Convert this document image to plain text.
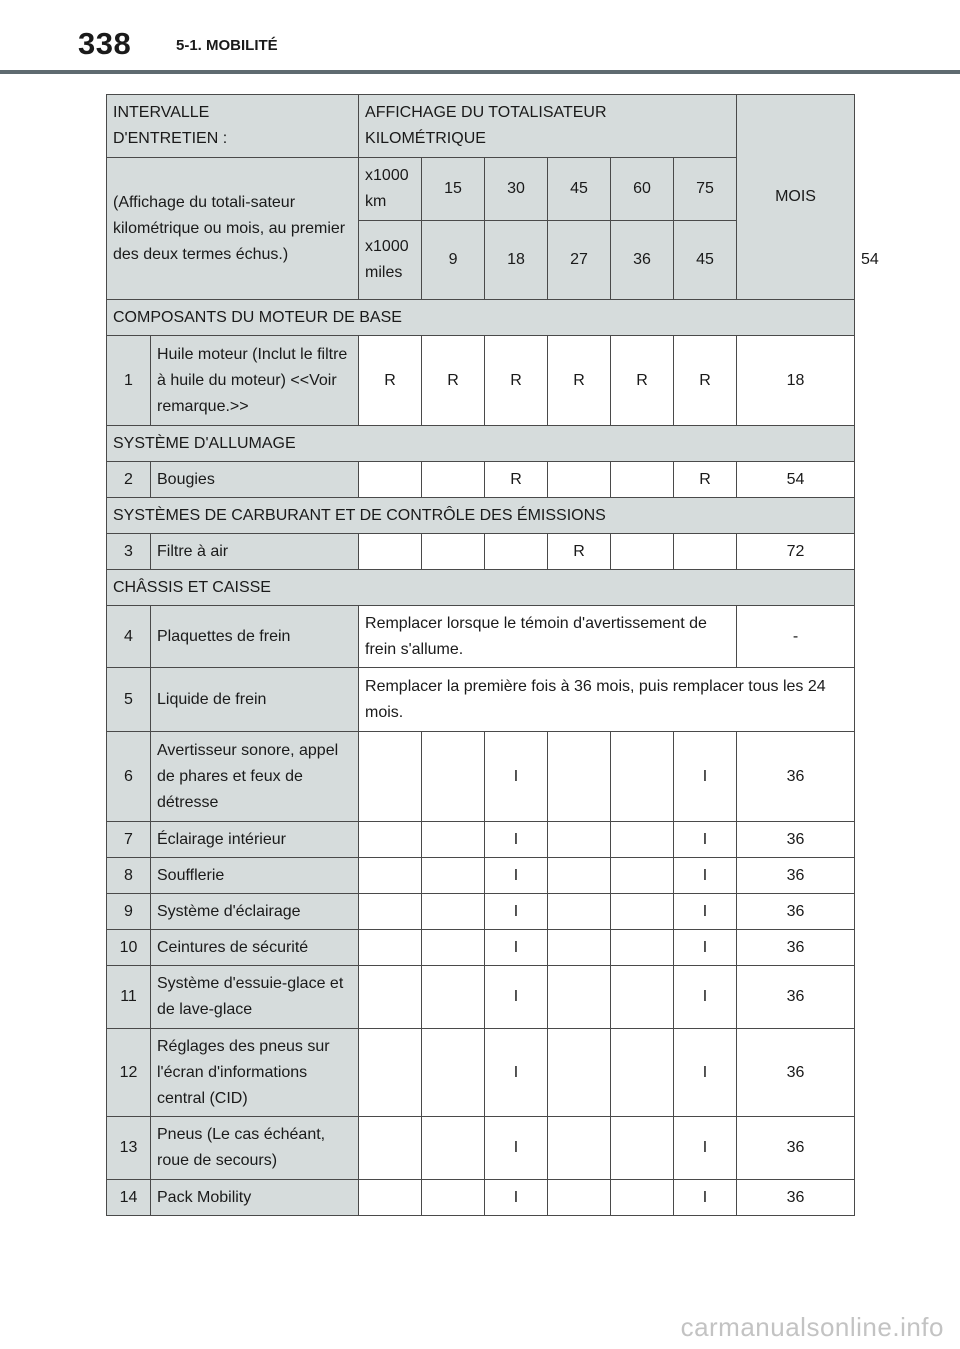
338	5-1. MOBILITÉ
INTERVALLE D'ENTRETIEN :		AFFICHAGE DU TOTALISATEUR KILOMÉTRIQUE						MOIS	
(Affichage du totali-sateur kilométrique ou mois, au premier des deux termes échus.)		x1000 km	15	30	45	60	75		
		x1000 miles	9	18	27	36	45		54
COMPOSANTS DU MOTEUR DE BASE									
1	Huile moteur (Inclut le filtre à huile du moteur) <<Voir remarque.>>	R	R	R	R	R	R	18	
SYSTÈME D'ALLUMAGE									
2	Bougies			R			R	54	
SYSTÈMES DE CARBURANT ET DE CONTRÔLE DES ÉMISSIONS									
3	Filtre à air				R			72	
CHÂSSIS ET CAISSE									
4	Plaquettes de frein	Remplacer lorsque le témoin d'avertissement de frein s'allume.						-	
5	Liquide de frein	Remplacer la première fois à 36 mois, puis remplacer tous les 24 mois.							
6	Avertisseur sonore, appel de phares et feux de détresse			I			I	36	
7	Éclairage intérieur			I			I	36	
8	Soufflerie			I			I	36	
9	Système d'éclairage			I			I	36	
10	Ceintures de sécurité			I			I	36	
11	Système d'essuie-glace et de lave-glace			I			I	36	
12	Réglages des pneus sur l'écran d'informations central (CID)			I			I	36	
13	Pneus (Le cas échéant, roue de secours)			I			I	36	
14	Pack Mobility			I			I	36	
carmanualsonline.info
